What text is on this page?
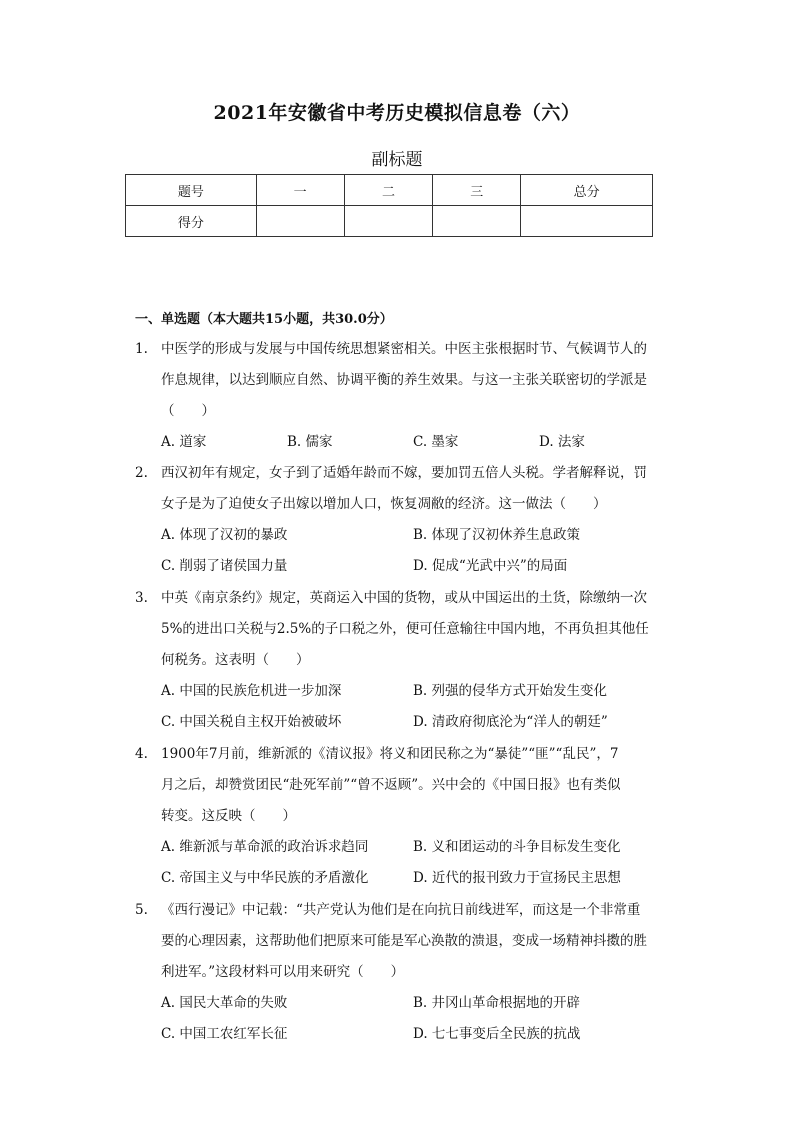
2021年安徽省中考历史模拟信息卷（六）
副标题
题号	一	二	三	总分
得分				
一、单选题（本大题共15小题，共30.0分）
1. 中医学的形成与发展与中国传统思想紧密相关。中医主张根据时节、气候调节人的
作息规律，以达到顺应自然、协调平衡的养生效果。与这一主张关联密切的学派是
（　　）
A. 道家	B. 儒家	C. 墨家	D. 法家
2. 西汉初年有规定，女子到了适婚年龄而不嫁，要加罚五倍人头税。学者解释说，罚
女子是为了迫使女子出嫁以增加人口，恢复凋敝的经济。这一做法（　　）
A. 体现了汉初的暴政	B. 体现了汉初休养生息政策
C. 削弱了诸侯国力量	D. 促成“光武中兴”的局面
3. 中英《南京条约》规定，英商运入中国的货物，或从中国运出的土货，除缴纳一次
5%的进出口关税与2.5%的子口税之外，便可任意输往中国内地，不再负担其他任
何税务。这表明（　　）
A. 中国的民族危机进一步加深	B. 列强的侵华方式开始发生变化
C. 中国关税自主权开始被破坏	D. 清政府彻底沦为“洋人的朝廷”
4. 1900年7月前，维新派的《清议报》将义和团民称之为“暴徒”“匪”“乱民”，7
月之后，却赞赏团民“赴死军前”“曾不返顾”。兴中会的《中国日报》也有类似
转变。这反映（　　）
A. 维新派与革命派的政治诉求趋同	B. 义和团运动的斗争目标发生变化
C. 帝国主义与中华民族的矛盾激化	D. 近代的报刊致力于宣扬民主思想
5. 《西行漫记》中记载：“共产党认为他们是在向抗日前线进军，而这是一个非常重
要的心理因素，这帮助他们把原来可能是军心涣散的溃退，变成一场精神抖擞的胜
利进军。”这段材料可以用来研究（　　）
A. 国民大革命的失败	B. 井冈山革命根据地的开辟
C. 中国工农红军长征	D. 七七事变后全民族的抗战
